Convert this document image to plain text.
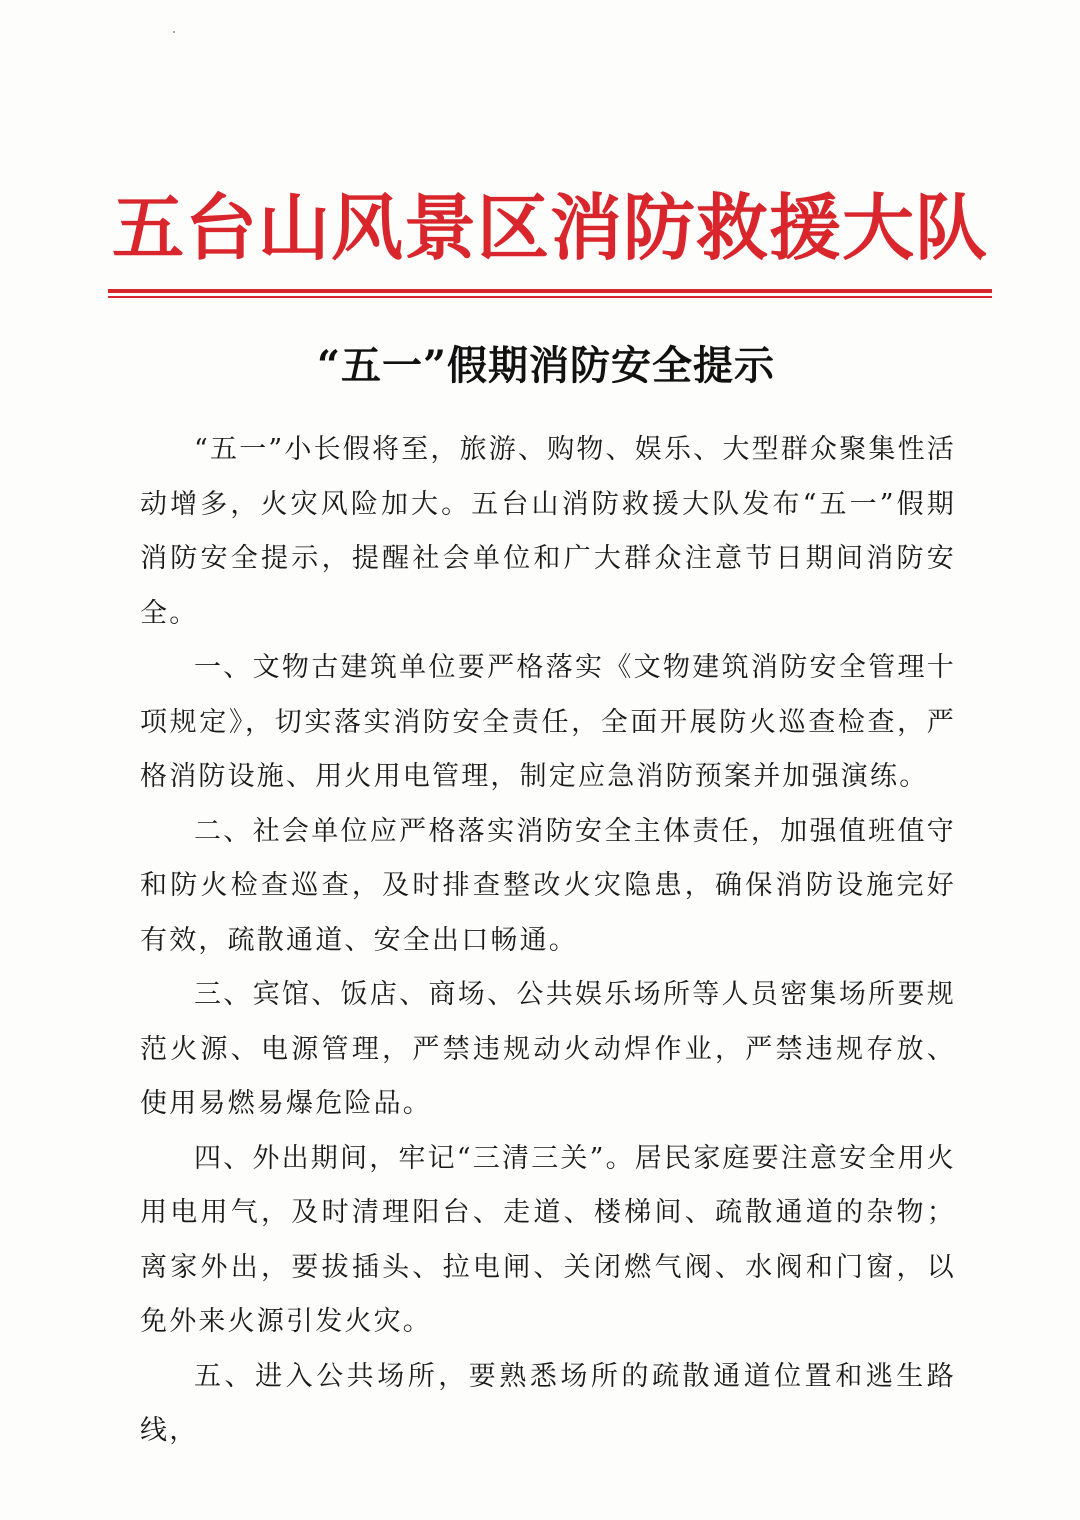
五台山风景区消防救援大队
“五一”假期消防安全提示

“五一”小长假将至，旅游、购物、娱乐、大型群众聚集性活动增多，火灾风险加大。五台山消防救援大队发布“五一”假期消防安全提示，提醒社会单位和广大群众注意节日期间消防安全。

一、文物古建筑单位要严格落实《文物建筑消防安全管理十项规定》，切实落实消防安全责任，全面开展防火巡查检查，严格消防设施、用火用电管理，制定应急消防预案并加强演练。

二、社会单位应严格落实消防安全主体责任，加强值班值守和防火检查巡查，及时排查整改火灾隐患，确保消防设施完好有效，疏散通道、安全出口畅通。

三、宾馆、饭店、商场、公共娱乐场所等人员密集场所要规范火源、电源管理，严禁违规动火动焊作业，严禁违规存放、使用易燃易爆危险品。

四、外出期间，牢记“三清三关”。居民家庭要注意安全用火用电用气，及时清理阳台、走道、楼梯间、疏散通道的杂物；离家外出，要拔插头、拉电闸、关闭燃气阀、水阀和门窗，以免外来火源引发火灾。

五、进入公共场所，要熟悉场所的疏散通道位置和逃生路线，
